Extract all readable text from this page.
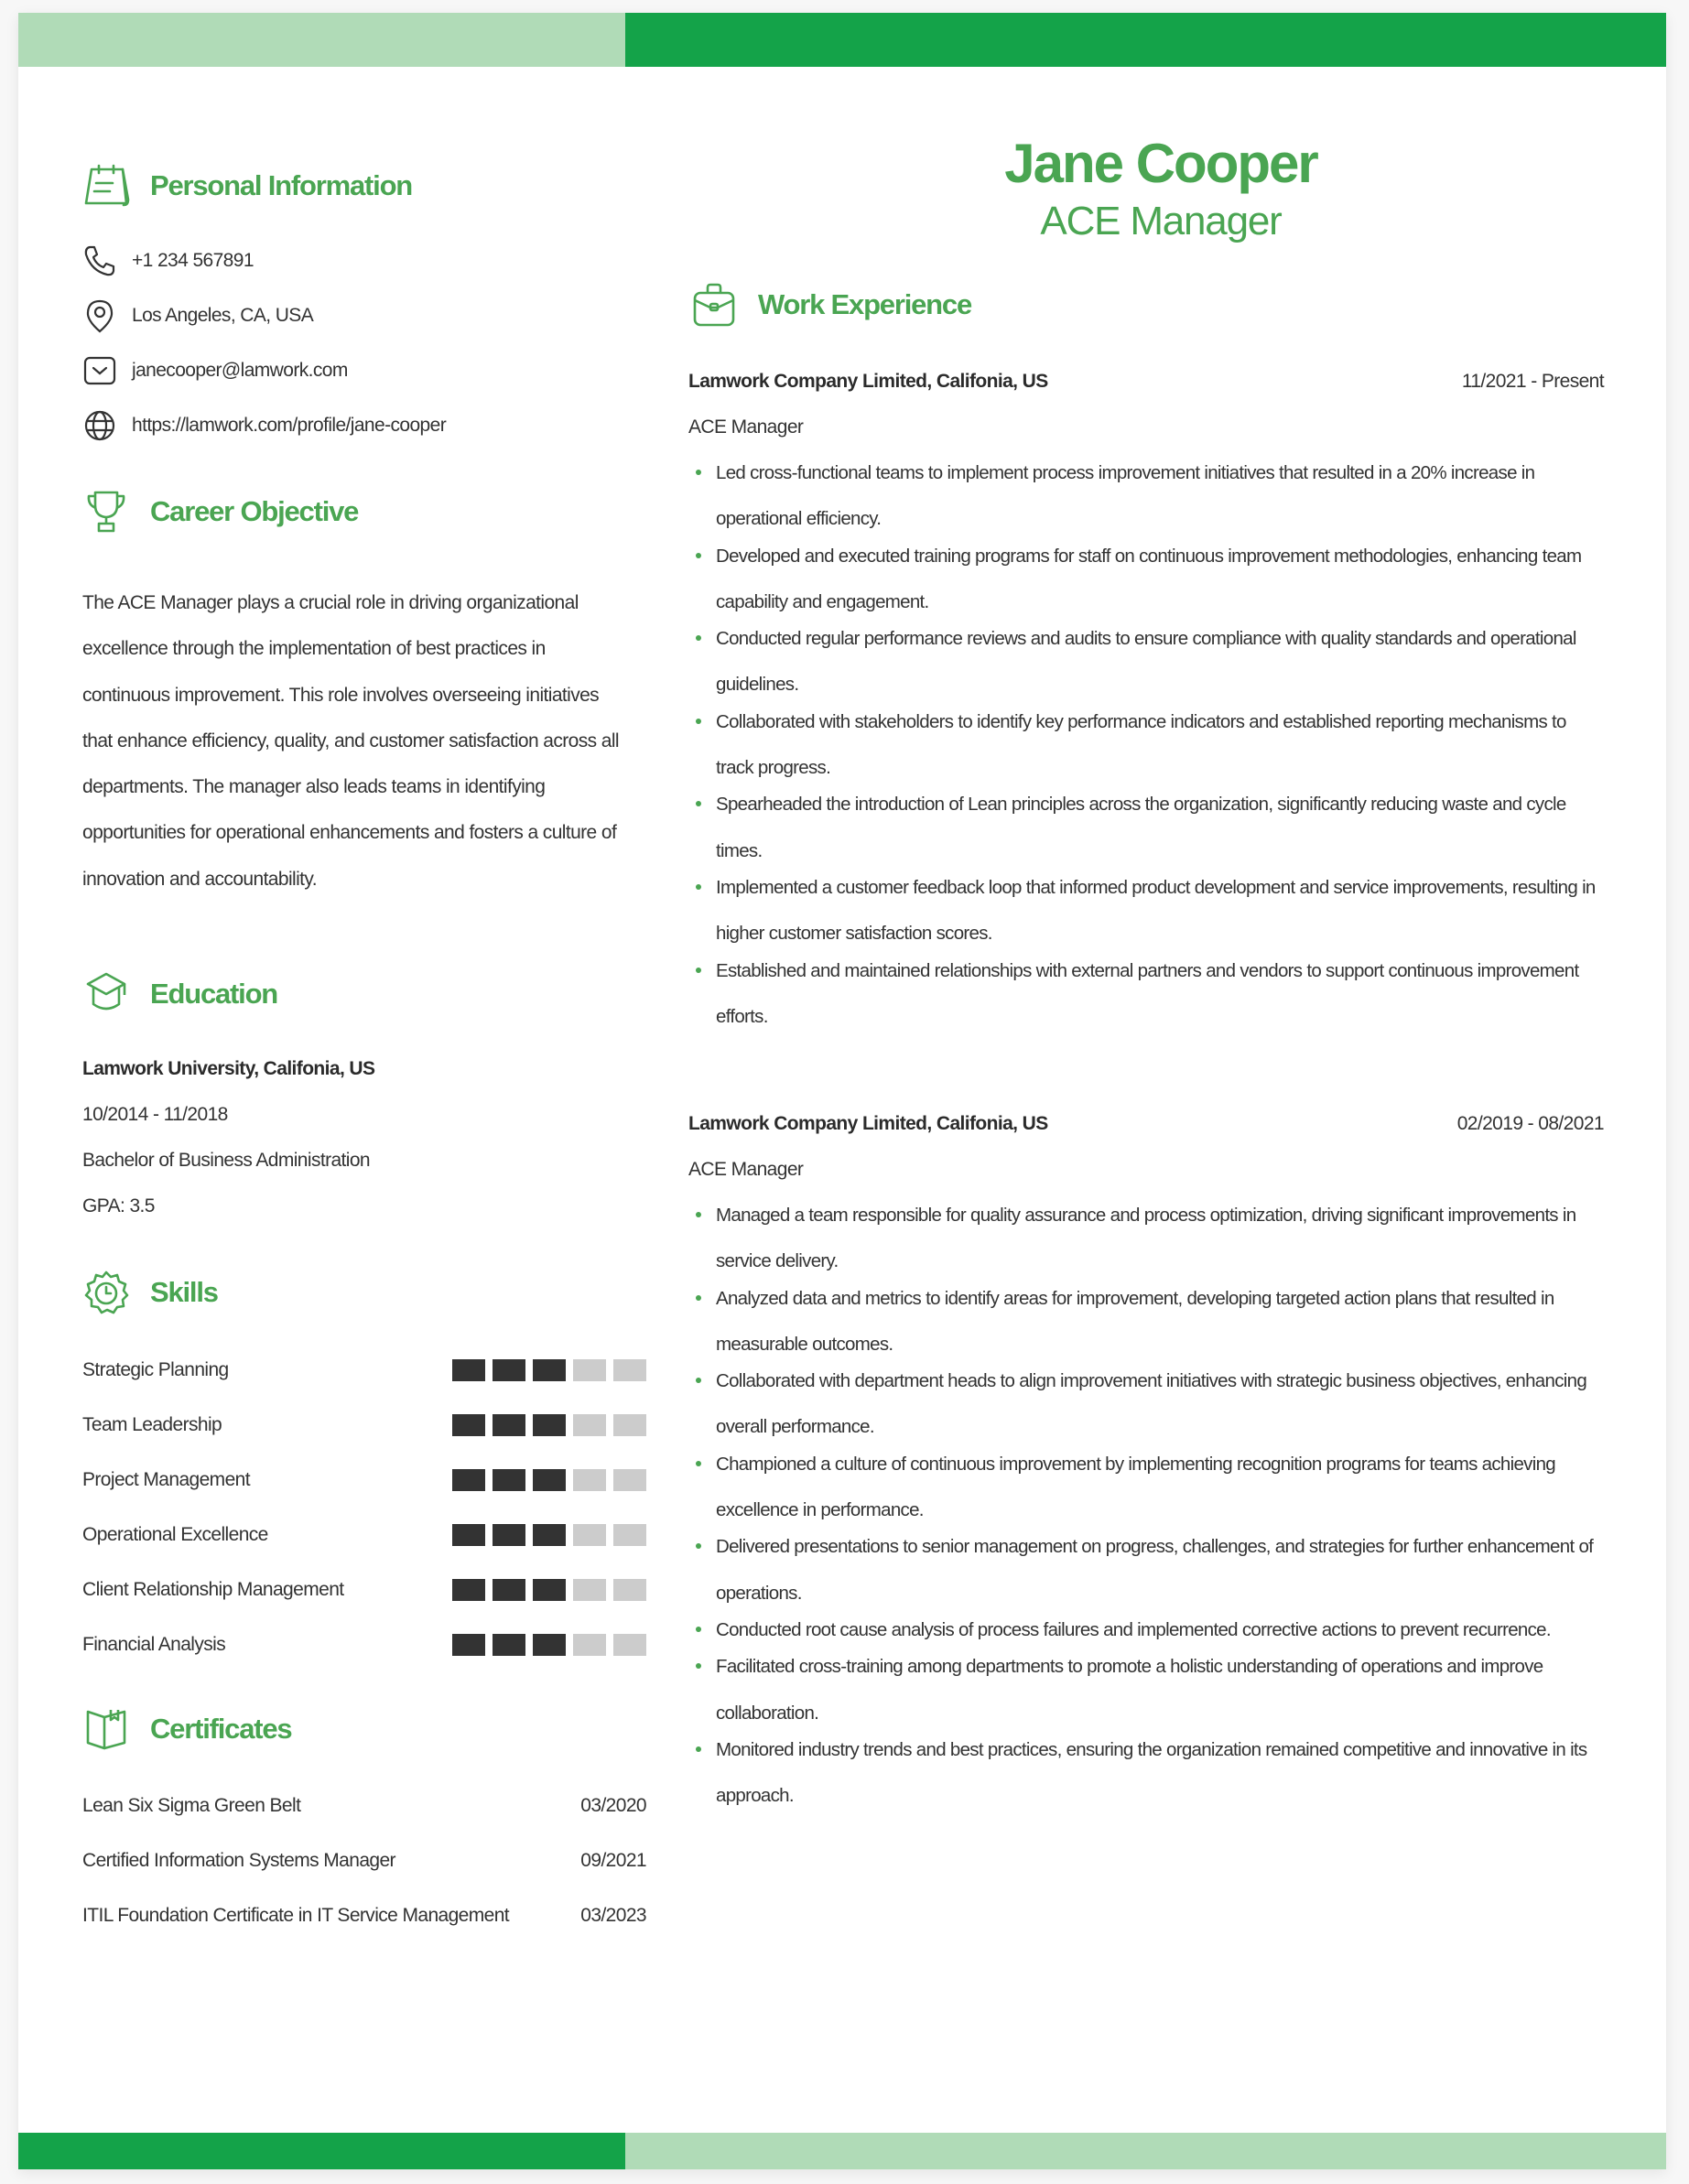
Personal Information
+1 234 567891
Los Angeles, CA, USA
janecooper@lamwork.com
https://lamwork.com/profile/jane-cooper
Career Objective
The ACE Manager plays a crucial role in driving organizational excellence through the implementation of best practices in continuous improvement. This role involves overseeing initiatives that enhance efficiency, quality, and customer satisfaction across all departments. The manager also leads teams in identifying opportunities for operational enhancements and fosters a culture of innovation and accountability.
Education
Lamwork University, Califonia, US
10/2014 - 11/2018
Bachelor of Business Administration
GPA: 3.5
Skills
Strategic Planning
Team Leadership
Project Management
Operational Excellence
Client Relationship Management
Financial Analysis
Certificates
Lean Six Sigma Green Belt	03/2020
Certified Information Systems Manager	09/2021
ITIL Foundation Certificate in IT Service Management	03/2023
Jane Cooper
ACE Manager
Work Experience
Lamwork Company Limited, Califonia, US	11/2021 - Present
ACE Manager
Led cross-functional teams to implement process improvement initiatives that resulted in a 20% increase in operational efficiency.
Developed and executed training programs for staff on continuous improvement methodologies, enhancing team capability and engagement.
Conducted regular performance reviews and audits to ensure compliance with quality standards and operational guidelines.
Collaborated with stakeholders to identify key performance indicators and established reporting mechanisms to track progress.
Spearheaded the introduction of Lean principles across the organization, significantly reducing waste and cycle times.
Implemented a customer feedback loop that informed product development and service improvements, resulting in higher customer satisfaction scores.
Established and maintained relationships with external partners and vendors to support continuous improvement efforts.
Lamwork Company Limited, Califonia, US	02/2019 - 08/2021
ACE Manager
Managed a team responsible for quality assurance and process optimization, driving significant improvements in service delivery.
Analyzed data and metrics to identify areas for improvement, developing targeted action plans that resulted in measurable outcomes.
Collaborated with department heads to align improvement initiatives with strategic business objectives, enhancing overall performance.
Championed a culture of continuous improvement by implementing recognition programs for teams achieving excellence in performance.
Delivered presentations to senior management on progress, challenges, and strategies for further enhancement of operations.
Conducted root cause analysis of process failures and implemented corrective actions to prevent recurrence.
Facilitated cross-training among departments to promote a holistic understanding of operations and improve collaboration.
Monitored industry trends and best practices, ensuring the organization remained competitive and innovative in its approach.
